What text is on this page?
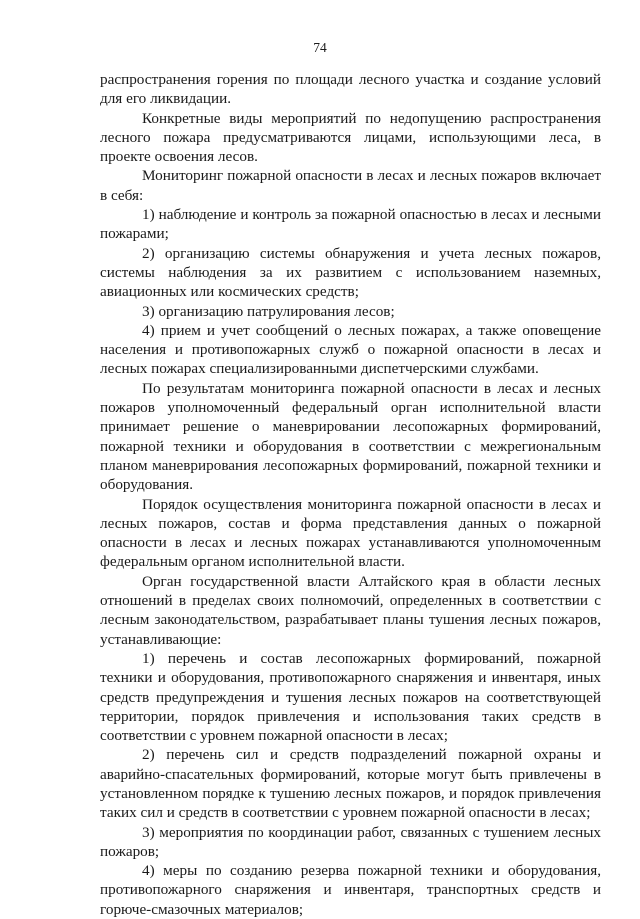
74

распространения горения по площади лесного участка и создание условий для его ликвидации.

Конкретные виды мероприятий по недопущению распространения лесного пожара предусматриваются лицами, использующими леса, в проекте освоения лесов.

Мониторинг пожарной опасности в лесах и лесных пожаров включает в себя:

1) наблюдение и контроль за пожарной опасностью в лесах и лесными пожарами;

2) организацию системы обнаружения и учета лесных пожаров, системы наблюдения за их развитием с использованием наземных, авиационных или космических средств;

3) организацию патрулирования лесов;

4) прием и учет сообщений о лесных пожарах, а также оповещение населения и противопожарных служб о пожарной опасности в лесах и лесных пожарах специализированными диспетчерскими службами.

По результатам мониторинга пожарной опасности в лесах и лесных пожаров уполномоченный федеральный орган исполнительной власти принимает решение о маневрировании лесопожарных формирований, пожарной техники и оборудования в соответствии с межрегиональным планом маневрирования лесопожарных формирований, пожарной техники и оборудования.

Порядок осуществления мониторинга пожарной опасности в лесах и лесных пожаров, состав и форма представления данных о пожарной опасности в лесах и лесных пожарах устанавливаются уполномоченным федеральным органом исполнительной власти.

Орган государственной власти Алтайского края в области лесных отношений в пределах своих полномочий, определенных в соответствии с лесным законодательством, разрабатывает планы тушения лесных пожаров, устанавливающие:

1) перечень и состав лесопожарных формирований, пожарной техники и оборудования, противопожарного снаряжения и инвентаря, иных средств предупреждения и тушения лесных пожаров на соответствующей территории, порядок привлечения и использования таких средств в соответствии с уровнем пожарной опасности в лесах;

2) перечень сил и средств подразделений пожарной охраны и аварийно-спасательных формирований, которые могут быть привлечены в установленном порядке к тушению лесных пожаров, и порядок привлечения таких сил и средств в соответствии с уровнем пожарной опасности в лесах;

3) мероприятия по координации работ, связанных с тушением лесных пожаров;

4) меры по созданию резерва пожарной техники и оборудования, противопожарного снаряжения и инвентаря, транспортных средств и горюче-смазочных материалов;
